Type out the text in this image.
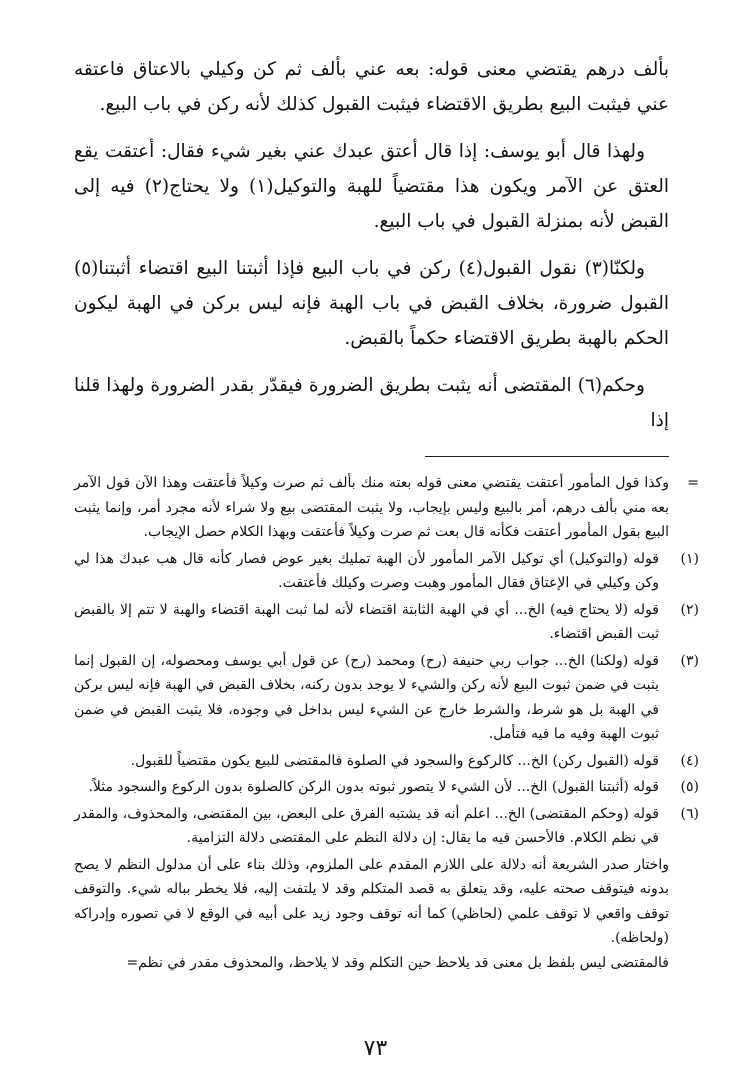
بألف درهم يقتضي معنى قوله: بعه عني بألف ثم كن وكيلي بالاعتاق فاعتقه عني فيثبت البيع بطريق الاقتضاء فيثبت القبول كذلك لأنه ركن في باب البيع.

ولهذا قال أبو يوسف: إذا قال أعتق عبدك عني بغير شيء فقال: أعتقت يقع العتق عن الآمر ويكون هذا مقتضياً للهبة والتوكيل(١) ولا يحتاج(٢) فيه إلى القبض لأنه بمنزلة القبول في باب البيع.

ولكنّا(٣) نقول القبول(٤) ركن في باب البيع فإذا أثبتنا البيع اقتضاء أثبتنا(٥) القبول ضرورة، بخلاف القبض في باب الهبة فإنه ليس بركن في الهبة ليكون الحكم بالهبة بطريق الاقتضاء حكماً بالقبض.

وحكم(٦) المقتضى أنه يثبت بطريق الضرورة فيقدّر بقدر الضرورة ولهذا قلنا إذا

=
وكذا قول المأمور أعتقت يقتضي معنى قوله بعته منك بألف ثم صرت وكيلاً فأعتقت وهذا الآن قول الآمر بعه مني بألف درهم، أمر بالبيع وليس بإيجاب، ولا يثبت المقتضى بيع ولا شراء لأنه مجرد أمر، وإنما يثبت البيع بقول المأمور أعتقت فكأنه قال بعت ثم صرت وكيلاً فأعتقت وبهذا الكلام حصل الإيجاب.
(١)
قوله (والتوكيل) أي توكيل الآمر المأمور لأن الهبة تمليك بغير عوض فصار كأنه قال هب عبدك هذا لي وكن وكيلي في الإعتاق فقال المأمور وهبت وصرت وكيلك فأعتقت.
(٢)
قوله (لا يحتاج فيه) الخ... أي في الهبة الثابتة اقتضاء لأنه لما ثبت الهبة اقتضاء والهبة لا تتم إلا بالقبض ثبت القبض اقتضاء.
(٣)
قوله (ولكنا) الخ... جواب ربي حنيفة (رح) ومحمد (رح) عن قول أبي يوسف ومحصوله، إن القبول إنما يثبت في ضمن ثبوت البيع لأنه ركن والشيء لا يوجد بدون ركنه، بخلاف القبض في الهبة فإنه ليس بركن في الهبة بل هو شرط، والشرط خارج عن الشيء ليس بداخل في وجوده، فلا يثبت القبض في ضمن ثبوت الهبة وفيه ما فيه فتأمل.
(٤)
قوله (القبول ركن) الخ... كالركوع والسجود في الصلوة فالمقتضى للبيع يكون مقتضياً للقبول.
(٥)
قوله (أثبتنا القبول) الخ... لأن الشيء لا يتصور ثبوته بدون الركن كالصلوة بدون الركوع والسجود مثلاً.
(٦)
قوله (وحكم المقتضى) الخ... اعلم أنه قد يشتبه الفرق على البعض، بين المقتضى، والمحذوف، والمقدر في نظم الكلام. فالأحسن فيه ما يقال: إن دلالة النظم على المقتضى دلالة التزامية.

واختار صدر الشريعة أنه دلالة على اللازم المقدم على الملزوم، وذلك بناء على أن مدلول النظم لا يصح بدونه فيتوقف صحته عليه، وقد يتعلق به قصد المتكلم وقد لا يلتفت إليه، فلا يخطر بباله شيء. والتوقف توقف واقعي لا توقف علمي (لحاظي) كما أنه توقف وجود زيد على أبيه في الوقع لا في تصوره وإدراكه (ولحاظه).

فالمقتضى ليس بلفظ بل معنى قد يلاحظ حين التكلم وقد لا يلاحظ، والمحذوف مقدر في نظم=

٧٣
